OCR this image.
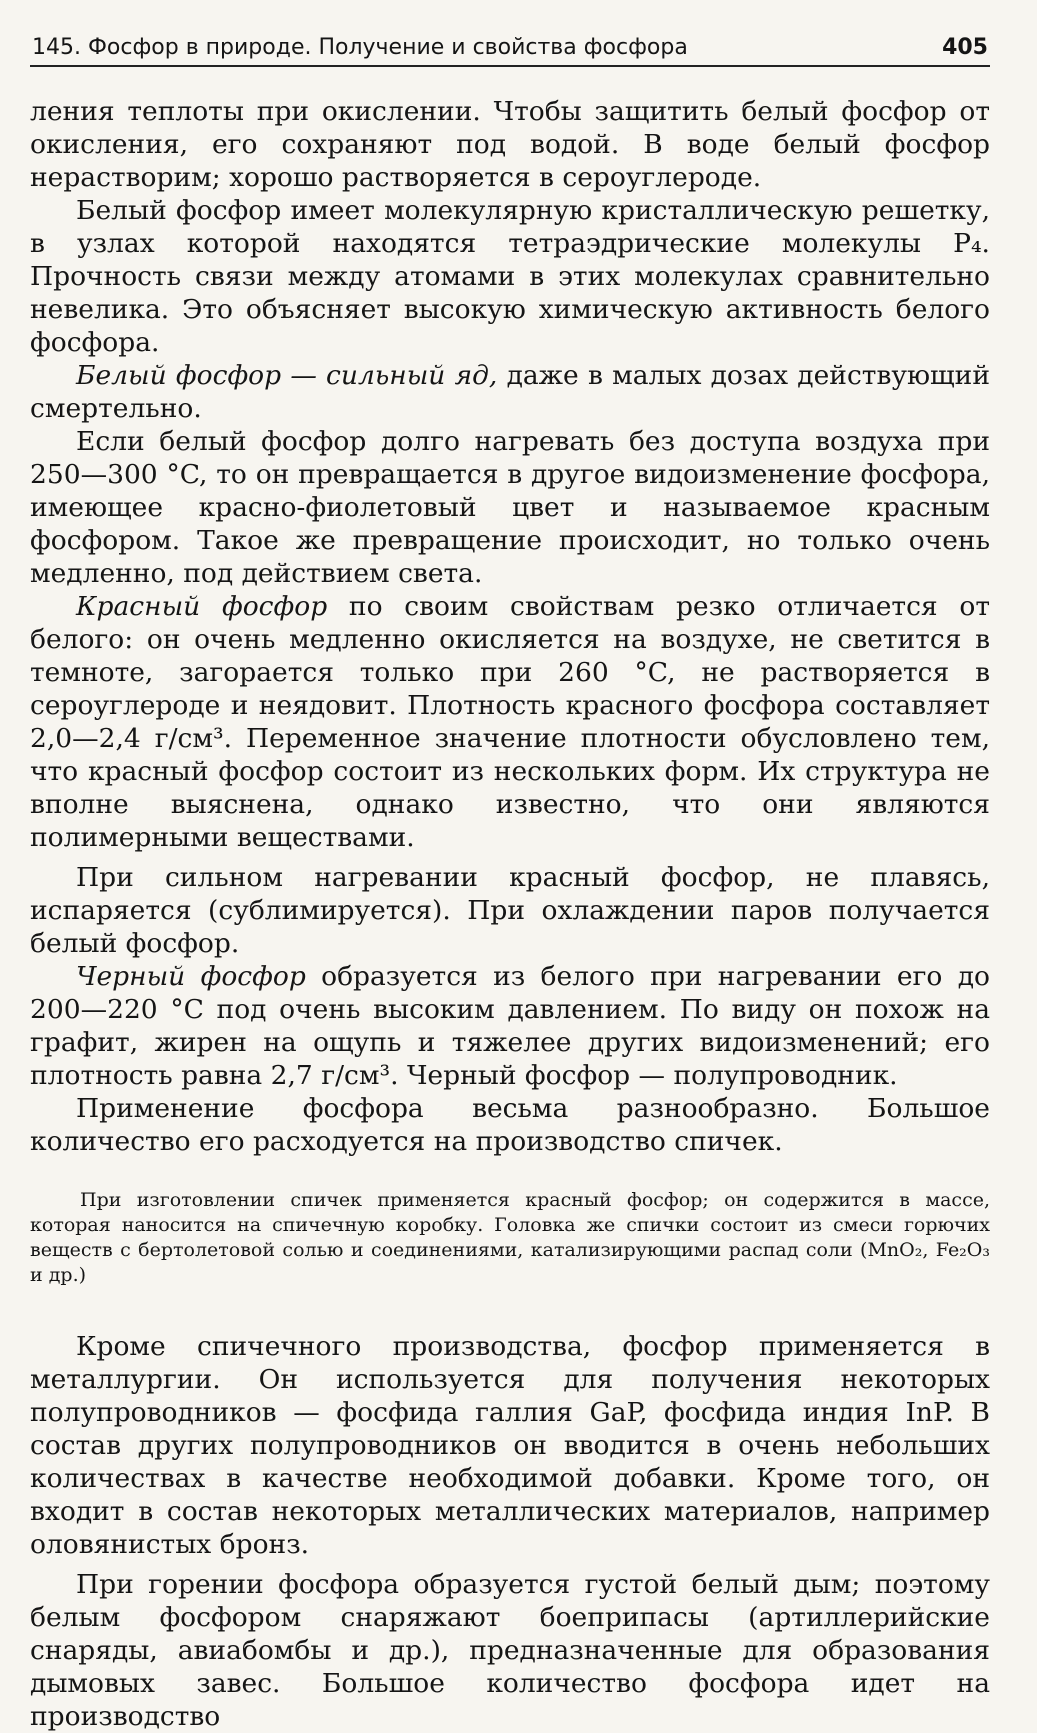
145. Фосфор в природе. Получение и свойства фосфора	405

ления теплоты при окислении. Чтобы защитить белый фосфор от окисления, его сохраняют под водой. В воде белый фосфор нерастворим; хорошо растворяется в сероуглероде.

Белый фосфор имеет молекулярную кристаллическую решетку, в узлах которой находятся тетраэдрические молекулы P₄. Прочность связи между атомами в этих молекулах сравнительно невелика. Это объясняет высокую химическую активность белого фосфора.

Белый фосфор — сильный яд, даже в малых дозах действующий смертельно.

Если белый фосфор долго нагревать без доступа воздуха при 250—300 °C, то он превращается в другое видоизменение фосфора, имеющее красно-фиолетовый цвет и называемое красным фосфором. Такое же превращение происходит, но только очень медленно, под действием света.

Красный фосфор по своим свойствам резко отличается от белого: он очень медленно окисляется на воздухе, не светится в темноте, загорается только при 260 °C, не растворяется в сероуглероде и неядовит. Плотность красного фосфора составляет 2,0—2,4 г/см³. Переменное значение плотности обусловлено тем, что красный фосфор состоит из нескольких форм. Их структура не вполне выяснена, однако известно, что они являются полимерными веществами.

При сильном нагревании красный фосфор, не плавясь, испаряется (сублимируется). При охлаждении паров получается белый фосфор.

Черный фосфор образуется из белого при нагревании его до 200—220 °C под очень высоким давлением. По виду он похож на графит, жирен на ощупь и тяжелее других видоизменений; его плотность равна 2,7 г/см³. Черный фосфор — полупроводник.

Применение фосфора весьма разнообразно. Большое количество его расходуется на производство спичек.

При изготовлении спичек применяется красный фосфор; он содержится в массе, которая наносится на спичечную коробку. Головка же спички состоит из смеси горючих веществ с бертолетовой солью и соединениями, катализирующими распад соли (MnO₂, Fe₂O₃ и др.)

Кроме спичечного производства, фосфор применяется в металлургии. Он используется для получения некоторых полупроводников — фосфида галлия GaP, фосфида индия InP. В состав других полупроводников он вводится в очень небольших количествах в качестве необходимой добавки. Кроме того, он входит в состав некоторых металлических материалов, например оловянистых бронз.

При горении фосфора образуется густой белый дым; поэтому белым фосфором снаряжают боеприпасы (артиллерийские снаряды, авиабомбы и др.), предназначенные для образования дымовых завес. Большое количество фосфора идет на производство
